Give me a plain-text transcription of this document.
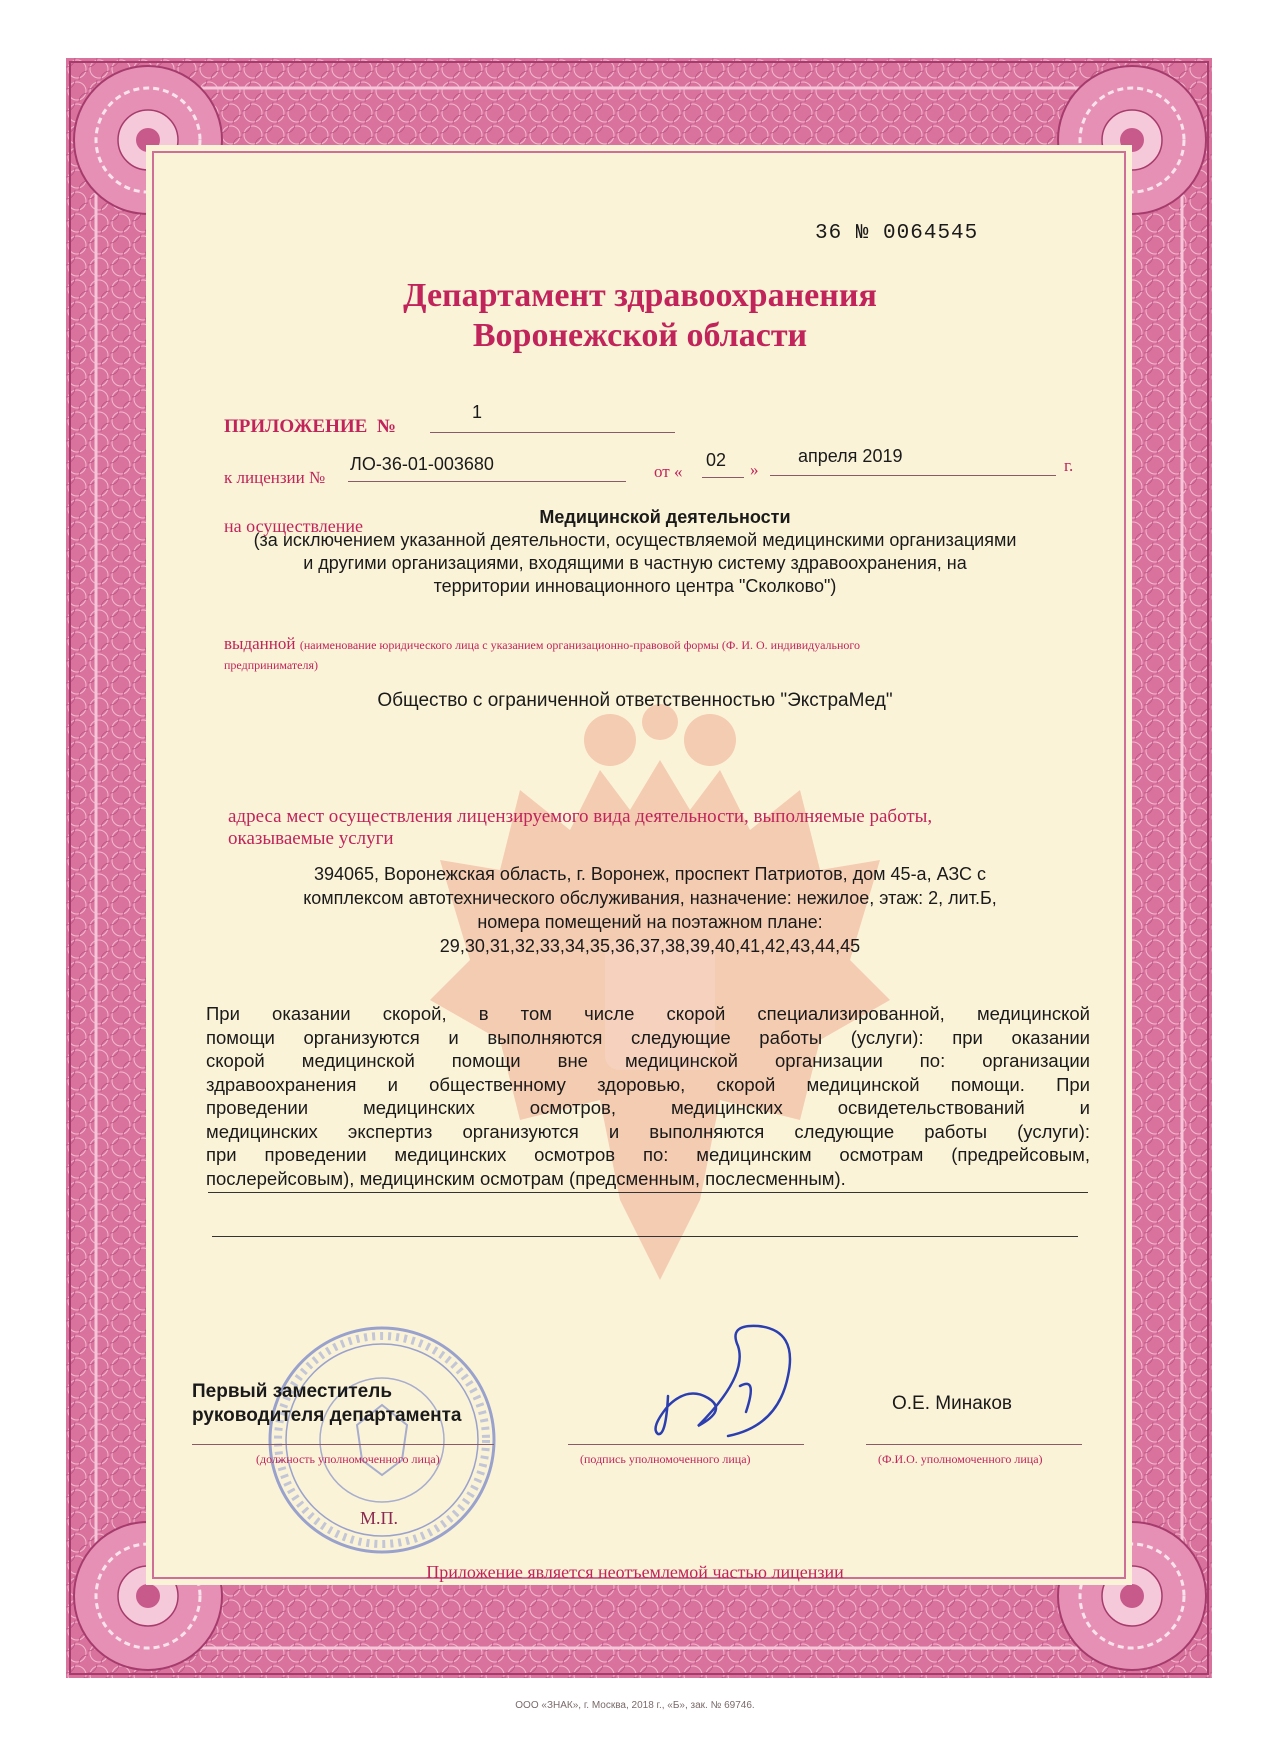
36 № 0064545
Департамент здравоохранения
Воронежской области
ПРИЛОЖЕНИЕ №
1
к лицензии №
ЛО-36-01-003680	от «
02 »
апреля 2019	г.
на осуществление	Медицинской деятельности
(за исключением указанной деятельности, осуществляемой медицинскими организациями
и другими организациями, входящими в частную систему здравоохранения, на
территории инновационного центра "Сколково")
выданной (наименование юридического лица с указанием организационно-правовой формы (Ф. И. О. индивидуального
предпринимателя)
Общество с ограниченной ответственностью "ЭкстраМед"
адреса мест осуществления лицензируемого вида деятельности, выполняемые работы,
оказываемые услуги
394065, Воронежская область, г. Воронеж, проспект Патриотов, дом 45-а, АЗС с
комплексом автотехнического обслуживания, назначение: нежилое, этаж: 2, лит.Б,
номера помещений на поэтажном плане:
29,30,31,32,33,34,35,36,37,38,39,40,41,42,43,44,45
При оказании скорой, в том числе скорой специализированной, медицинской
помощи организуются и выполняются следующие работы (услуги): при оказании
скорой медицинской помощи вне медицинской организации по: организации
здравоохранения и общественному здоровью, скорой медицинской помощи. При
проведении медицинских осмотров, медицинских освидетельствований и
медицинских экспертиз организуются и выполняются следующие работы (услуги):
при проведении медицинских осмотров по: медицинским осмотрам (предрейсовым,
послерейсовым), медицинским осмотрам (предсменным, послесменным).
Первый заместитель
руководителя департамента
(должность уполномоченного лица)	(подпись уполномоченного лица)
О.Е. Минаков
(Ф.И.О. уполномоченного лица)
М.П.
Приложение является неотъемлемой частью лицензии
ООО «ЗНАК», г. Москва, 2018 г., «Б», зак. № 69746.
